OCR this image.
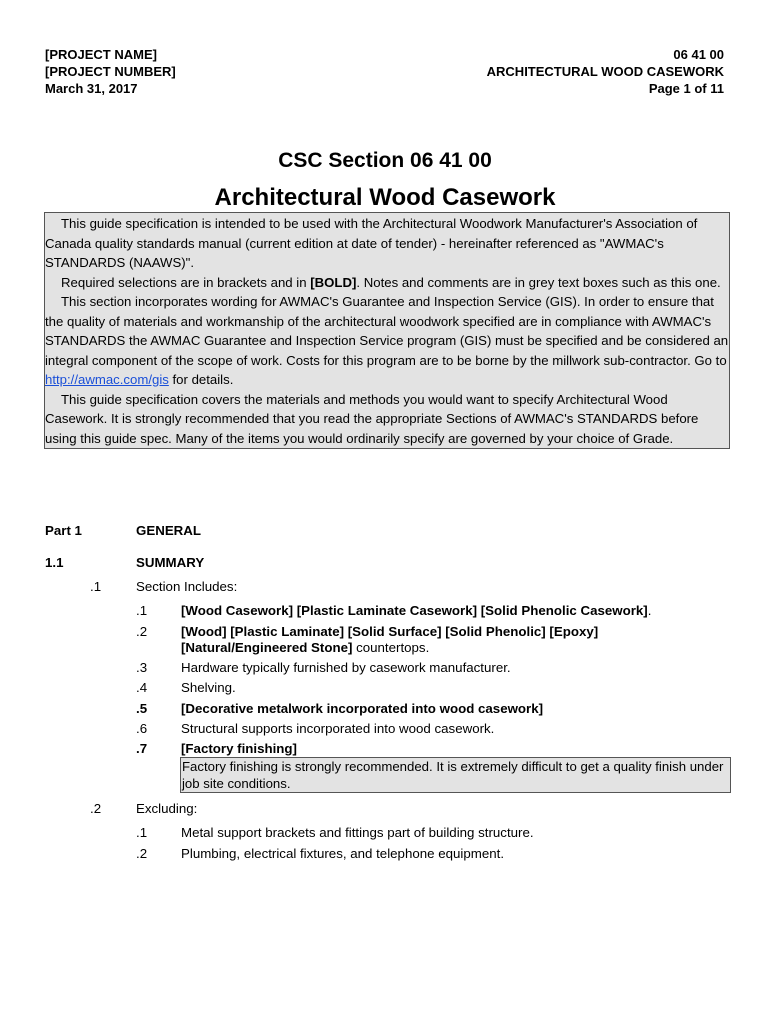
[PROJECT NAME]
[PROJECT NUMBER]
March 31, 2017
06 41 00
ARCHITECTURAL WOOD CASEWORK
Page 1 of 11
CSC Section 06 41 00
Architectural Wood Casework

This guide specification is intended to be used with the Architectural Woodwork Manufacturer's Association of Canada quality standards manual (current edition at date of tender) - hereinafter referenced as "AWMAC's STANDARDS (NAAWS)".

Required selections are in brackets and in [BOLD]. Notes and comments are in grey text boxes such as this one.

This section incorporates wording for AWMAC's Guarantee and Inspection Service (GIS). In order to ensure that the quality of materials and workmanship of the architectural woodwork specified are in compliance with AWMAC's STANDARDS the AWMAC Guarantee and Inspection Service program (GIS) must be specified and be considered an integral component of the scope of work. Costs for this program are to be borne by the millwork sub-contractor. Go to http://awmac.com/gis for details.

This guide specification covers the materials and methods you would want to specify Architectural Wood Casework. It is strongly recommended that you read the appropriate Sections of AWMAC's STANDARDS before using this guide spec. Many of the items you would ordinarily specify are governed by your choice of Grade.

Part 1	GENERAL
1.1	SUMMARY
.1	Section Includes:
.1	[Wood Casework] [Plastic Laminate Casework] [Solid Phenolic Casework].
.2	[Wood] [Plastic Laminate] [Solid Surface] [Solid Phenolic] [Epoxy]
[Natural/Engineered Stone] countertops.
.3	Hardware typically furnished by casework manufacturer.
.4	Shelving.
.5	[Decorative metalwork incorporated into wood casework]
.6	Structural supports incorporated into wood casework.
.7	[Factory finishing]
Factory finishing is strongly recommended. It is extremely difficult to get a quality finish under job site conditions.
.2	Excluding:
.1	Metal support brackets and fittings part of building structure.
.2	Plumbing, electrical fixtures, and telephone equipment.
